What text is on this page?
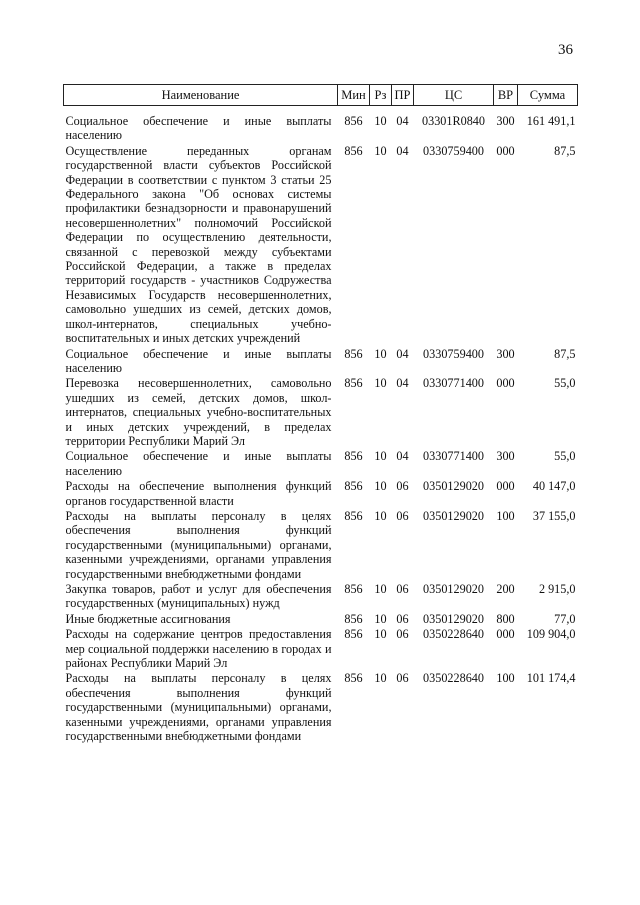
36
Наименование	Мин	Рз	ПР	ЦС	ВР	Сумма
Социальное обеспечение и иные выплаты населению	856	10	04	03301R0840	300	161 491,1
Осуществление переданных органам государственной власти субъектов Российской Федерации в соответствии с пунктом 3 статьи 25 Федерального закона "Об основах системы профилактики безнадзорности и правонарушений несовершеннолетних" полномочий Российской Федерации по осуществлению деятельности, связанной с перевозкой между субъектами Российской Федерации, а также в пределах территорий государств - участников Содружества Независимых Государств несовершеннолетних, самовольно ушедших из семей, детских домов, школ-интернатов, специальных учебно-воспитательных и иных детских учреждений	856	10	04	0330759400	000	87,5
Социальное обеспечение и иные выплаты населению	856	10	04	0330759400	300	87,5
Перевозка несовершеннолетних, самовольно ушедших из семей, детских домов, школ-интернатов, специальных учебно-воспитательных и иных детских учреждений, в пределах территории Республики Марий Эл	856	10	04	0330771400	000	55,0
Социальное обеспечение и иные выплаты населению	856	10	04	0330771400	300	55,0
Расходы на обеспечение выполнения функций органов государственной власти	856	10	06	0350129020	000	40 147,0
Расходы на выплаты персоналу в целях обеспечения выполнения функций государственными (муниципальными) органами, казенными учреждениями, органами управления государственными внебюджетными фондами	856	10	06	0350129020	100	37 155,0
Закупка товаров, работ и услуг для обеспечения государственных (муниципальных) нужд	856	10	06	0350129020	200	2 915,0
Иные бюджетные ассигнования	856	10	06	0350129020	800	77,0
Расходы на содержание центров предоставления мер социальной поддержки населению в городах и районах Республики Марий Эл	856	10	06	0350228640	000	109 904,0
Расходы на выплаты персоналу в целях обеспечения выполнения функций государственными (муниципальными) органами, казенными учреждениями, органами управления государственными внебюджетными фондами	856	10	06	0350228640	100	101 174,4
